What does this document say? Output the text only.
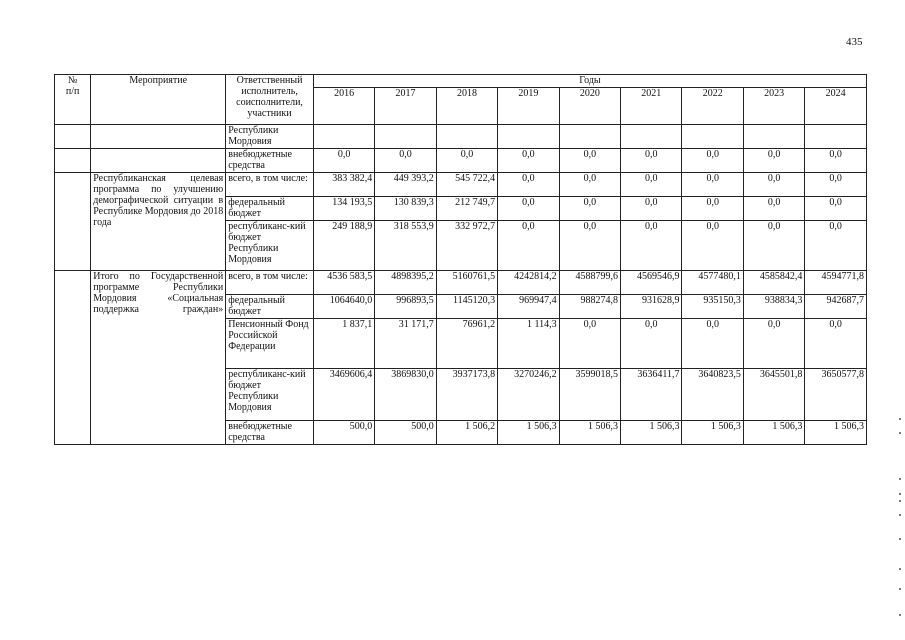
435
№
п/п	Мероприятие	Ответственный исполнитель, соисполнители, участники	Годы								
			2016	2017	2018	2019	2020	2021	2022	2023	2024
		Республики Мордовия									
		внебюджетные средства	0,0	0,0	0,0	0,0	0,0	0,0	0,0	0,0	0,0
	Республиканская целевая программа по улучшению демографической ситуации в Республике Мордовия до 2018 года	всего, в том числе:	383 382,4	449 393,2	545 722,4	0,0	0,0	0,0	0,0	0,0	0,0
		федеральный бюджет	134 193,5	130 839,3	212 749,7	0,0	0,0	0,0	0,0	0,0	0,0
		республиканс-кий бюджет Республики Мордовия	249 188,9	318 553,9	332 972,7	0,0	0,0	0,0	0,0	0,0	0,0
	Итого по Государственной программе Республики Мордовия «Социальная поддержка граждан»	всего, в том числе:	4536 583,5	4898395,2	5160761,5	4242814,2	4588799,6	4569546,9	4577480,1	4585842,4	4594771,8
		федеральный бюджет	1064640,0	996893,5	1145120,3	969947,4	988274,8	931628,9	935150,3	938834,3	942687,7
		Пенсионный Фонд Российской Федерации	1 837,1	31 171,7	76961,2	1 114,3	0,0	0,0	0,0	0,0	0,0
		республиканс-кий бюджет Республики Мордовия	3469606,4	3869830,0	3937173,8	3270246,2	3599018,5	3636411,7	3640823,5	3645501,8	3650577,8
		внебюджетные средства	500,0	500,0	1 506,2	1 506,3	1 506,3	1 506,3	1 506,3	1 506,3	1 506,3
